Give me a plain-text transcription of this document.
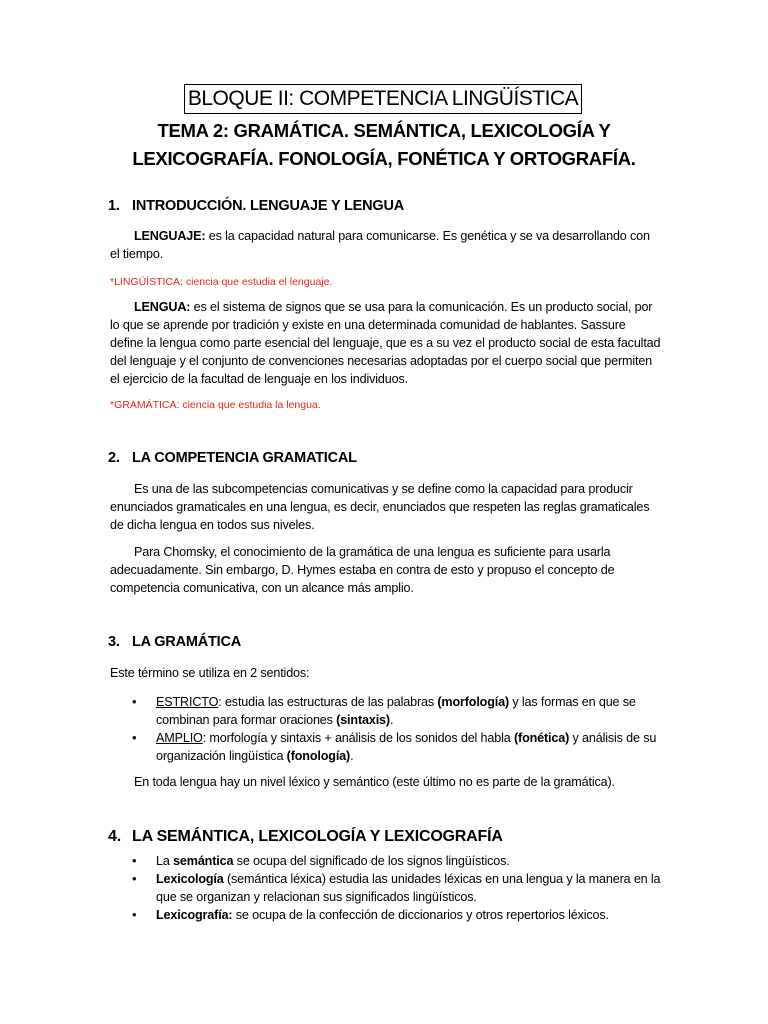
BLOQUE II: COMPETENCIA LINGÜÍSTICA
TEMA 2: GRAMÁTICA. SEMÁNTICA, LEXICOLOGÍA Y
LEXICOGRAFÍA. FONOLOGÍA, FONÉTICA Y ORTOGRAFÍA.
1. INTRODUCCIÓN. LENGUAJE Y LENGUA
LENGUAJE: es la capacidad natural para comunicarse. Es genética y se va desarrollando con el tiempo.
*LINGÜÍSTICA: ciencia que estudia el lenguaje.
LENGUA: es el sistema de signos que se usa para la comunicación. Es un producto social, por lo que se aprende por tradición y existe en una determinada comunidad de hablantes. Sassure define la lengua como parte esencial del lenguaje, que es a su vez el producto social de esta facultad del lenguaje y el conjunto de convenciones necesarias adoptadas por el cuerpo social que permiten el ejercicio de la facultad de lenguaje en los individuos.
*GRAMÁTICA: ciencia que estudia la lengua.
2. LA COMPETENCIA GRAMATICAL
Es una de las subcompetencias comunicativas y se define como la capacidad para producir enunciados gramaticales en una lengua, es decir, enunciados que respeten las reglas gramaticales de dicha lengua en todos sus niveles.
Para Chomsky, el conocimiento de la gramática de una lengua es suficiente para usarla adecuadamente. Sin embargo, D. Hymes estaba en contra de esto y propuso el concepto de competencia comunicativa, con un alcance más amplio.
3. LA GRAMÁTICA
Este término se utiliza en 2 sentidos:
• ESTRICTO: estudia las estructuras de las palabras (morfología) y las formas en que se combinan para formar oraciones (sintaxis).
• AMPLIO: morfología y sintaxis + análisis de los sonidos del habla (fonética) y análisis de su organización lingüística (fonología).
En toda lengua hay un nivel léxico y semántico (este último no es parte de la gramática).
4. LA SEMÁNTICA, LEXICOLOGÍA Y LEXICOGRAFÍA
• La semántica se ocupa del significado de los signos lingüísticos.
• Lexicología (semántica léxica) estudia las unidades léxicas en una lengua y la manera en la que se organizan y relacionan sus significados lingüísticos.
• Lexicografía: se ocupa de la confección de diccionarios y otros repertorios léxicos.
